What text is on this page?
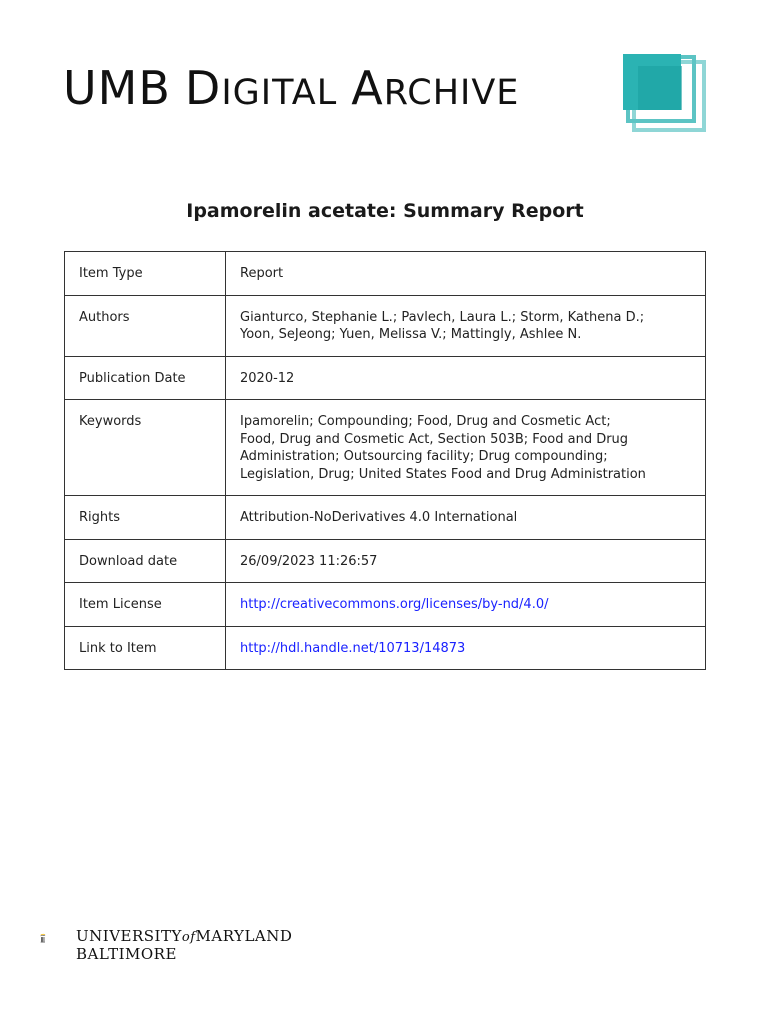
UMB DIGITAL ARCHIVE
Ipamorelin acetate: Summary Report
Item Type	Report

Authors	Gianturco, Stephanie L.; Pavlech, Laura L.; Storm, Kathena D.;
Yoon, SeJeong; Yuen, Melissa V.; Mattingly, Ashlee N.

Publication Date	2020-12

Keywords	Ipamorelin; Compounding; Food, Drug and Cosmetic Act;
Food, Drug and Cosmetic Act, Section 503B; Food and Drug
Administration; Outsourcing facility; Drug compounding;
Legislation, Drug; United States Food and Drug Administration

Rights	Attribution-NoDerivatives 4.0 International

Download date	26/09/2023 11:26:57

Item License	http://creativecommons.org/licenses/by-nd/4.0/
Link to Item	http://hdl.handle.net/10713/14873
UNIVERSITYofMARYLAND
BALTIMORE
